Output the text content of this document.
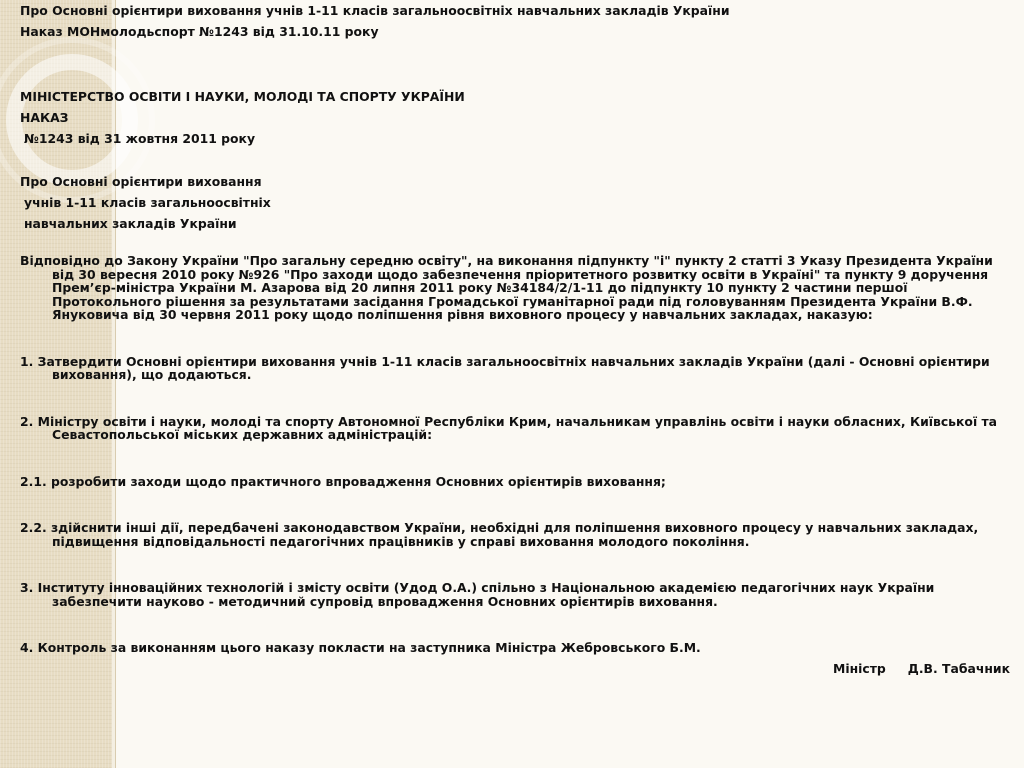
Про Основні орієнтири виховання учнів 1-11 класів загальноосвітніх навчальних закладів України
Наказ МОНмолодьспорт №1243 від 31.10.11 року
МІНІСТЕРСТВО ОСВІТИ І НАУКИ, МОЛОДІ ТА СПОРТУ УКРАЇНИ
НАКАЗ
№1243 від 31 жовтня 2011 року
Про Основні орієнтири виховання
учнів 1-11 класів загальноосвітніх
навчальних закладів України
Відповідно до Закону України "Про загальну середню освіту", на виконання підпункту "і" пункту 2 статті 3 Указу Президента України від 30 вересня 2010 року №926 "Про заходи щодо забезпечення пріоритетного розвитку освіти в Україні" та пункту 9 доручення Прем’єр-міністра України М. Азарова від 20 липня 2011 року №34184/2/1-11 до підпункту 10 пункту 2 частини першої Протокольного рішення за результатами засідання Громадської гуманітарної ради під головуванням Президента України В.Ф. Януковича від 30 червня 2011 року щодо поліпшення рівня виховного процесу у навчальних закладах, наказую:
1. Затвердити Основні орієнтири виховання учнів 1-11 класів загальноосвітніх навчальних закладів України (далі - Основні орієнтири виховання), що додаються.
2. Міністру освіти і науки, молоді та спорту Автономної Республіки Крим, начальникам управлінь освіти і науки обласних, Київської та Севастопольської міських державних адміністрацій:
2.1. розробити заходи щодо практичного впровадження Основних орієнтирів виховання;
2.2. здійснити інші дії, передбачені законодавством України, необхідні для поліпшення виховного процесу у навчальних закладах, підвищення відповідальності педагогічних працівників у справі виховання молодого покоління.
3. Інституту інноваційних технологій і змісту освіти (Удод О.А.) спільно з Національною академією педагогічних наук України забезпечити науково - методичний супровід впровадження Основних орієнтирів виховання.
4. Контроль за виконанням цього наказу покласти на заступника Міністра Жебровського Б.М.
Міністр Д.В. Табачник
